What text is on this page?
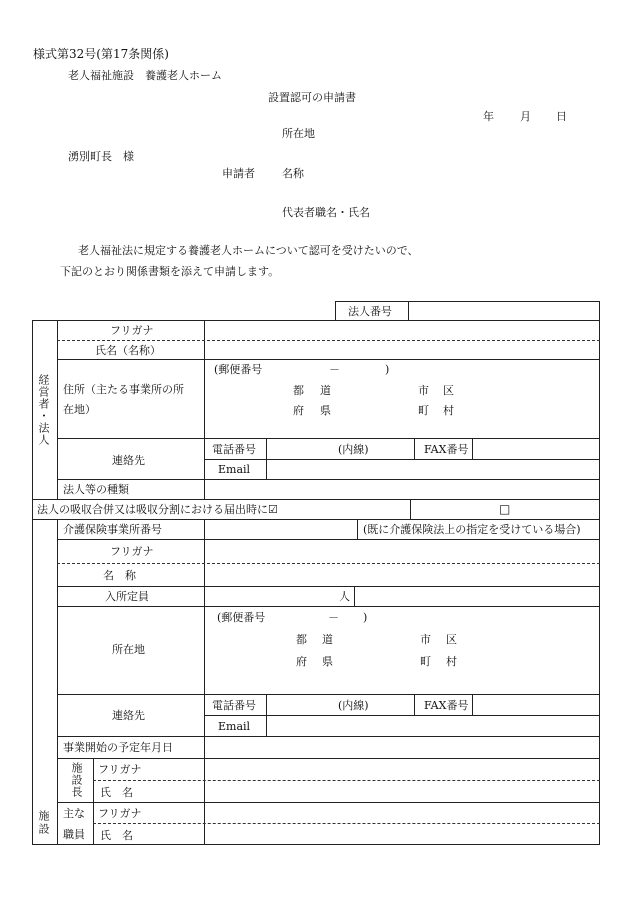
様式第32号(第17条関係)
老人福祉施設　養護老人ホーム
設置認可の申請書
年 月 日
所在地
湧別町長　様
申請者 名称
代表者職名・氏名
老人福祉法に規定する養護老人ホームについて認可を受けたいので、
下記のとおり関係書類を添えて申請します。
法人番号
経営者・法人
フリガナ
氏名（名称）
住所（主たる事業所の所
在地）
(郵便番号	－	)
都 道
府 県
市 区
町 村
連絡先
電話番号	(内線)	FAX番号
Email
法人等の種類
法人の吸収合併又は吸収分割における届出時に☑	□
施設
介護保険事業所番号	(既に介護保険法上の指定を受けている場合)
フリガナ
名　称
入所定員	人
所在地
(郵便番号	－ )
都 道
府 県
市 区
町 村
連絡先
電話番号	(内線)	FAX番号
Email
事業開始の予定年月日
施設長 フリガナ
氏　名
主な
職員
フリガナ
氏　名
